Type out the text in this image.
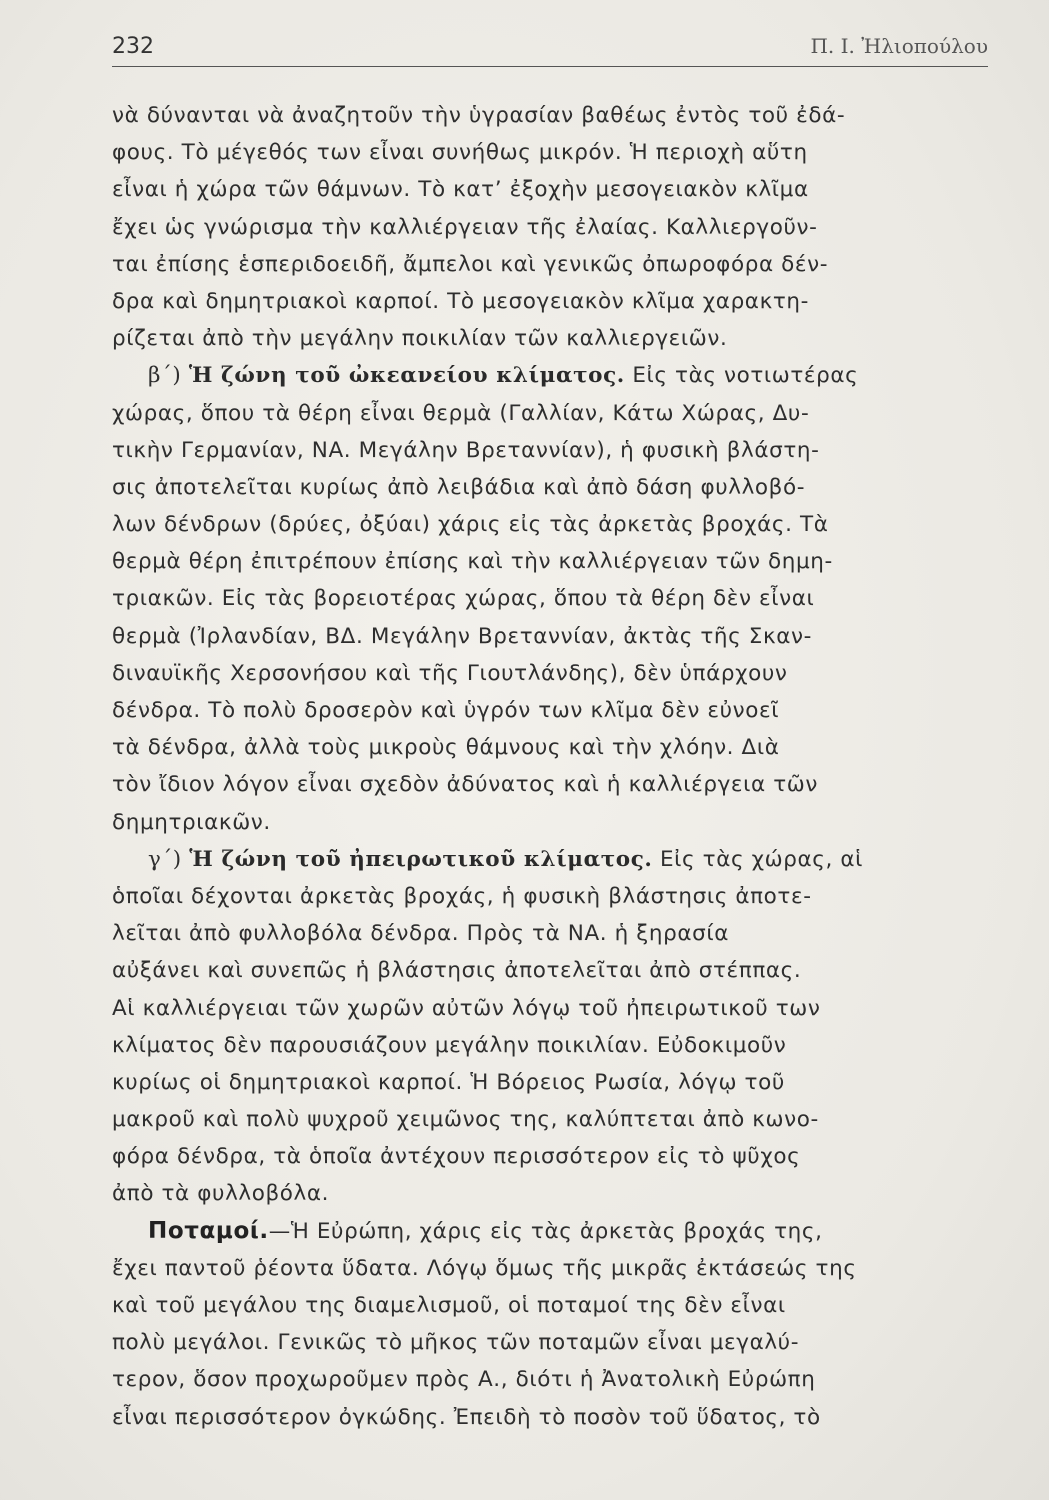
232	Π. Ι. Ἠλιοπούλου
νὰ δύνανται νὰ ἀναζητοῦν τὴν ὑγρασίαν βαθέως ἐντὸς τοῦ ἐδά-
φους. Τὸ μέγεθός των εἶναι συνήθως μικρόν. Ἡ περιοχὴ αὕτη
εἶναι ἡ χώρα τῶν θάμνων. Τὸ κατ’ ἐξοχὴν μεσογειακὸν κλῖμα
ἔχει ὡς γνώρισμα τὴν καλλιέργειαν τῆς ἐλαίας. Καλλιεργοῦν-
ται ἐπίσης ἑσπεριδοειδῆ, ἄμπελοι καὶ γενικῶς ὀπωροφόρα δέν-
δρα καὶ δημητριακοὶ καρποί. Τὸ μεσογειακὸν κλῖμα χαρακτη-
ρίζεται ἀπὸ τὴν μεγάλην ποικιλίαν τῶν καλλιεργειῶν.
β΄) Ἡ ζώνη τοῦ ὠκεανείου κλίματος. Εἰς τὰς νοτιωτέρας
χώρας, ὅπου τὰ θέρη εἶναι θερμὰ (Γαλλίαν, Κάτω Χώρας, Δυ-
τικὴν Γερμανίαν, ΝΑ. Μεγάλην Βρεταννίαν), ἡ φυσικὴ βλάστη-
σις ἀποτελεῖται κυρίως ἀπὸ λειβάδια καὶ ἀπὸ δάση φυλλοβό-
λων δένδρων (δρύες, ὀξύαι) χάρις εἰς τὰς ἀρκετὰς βροχάς. Τὰ
θερμὰ θέρη ἐπιτρέπουν ἐπίσης καὶ τὴν καλλιέργειαν τῶν δημη-
τριακῶν. Εἰς τὰς βορειοτέρας χώρας, ὅπου τὰ θέρη δὲν εἶναι
θερμὰ (Ἰρλανδίαν, ΒΔ. Μεγάλην Βρεταννίαν, ἀκτὰς τῆς Σκαν-
διναυϊκῆς Χερσονήσου καὶ τῆς Γιουτλάνδης), δὲν ὑπάρχουν
δένδρα. Τὸ πολὺ δροσερὸν καὶ ὑγρόν των κλῖμα δὲν εὐνοεῖ
τὰ δένδρα, ἀλλὰ τοὺς μικροὺς θάμνους καὶ τὴν χλόην. Διὰ
τὸν ἴδιον λόγον εἶναι σχεδὸν ἀδύνατος καὶ ἡ καλλιέργεια τῶν
δημητριακῶν.
γ΄) Ἡ ζώνη τοῦ ἠπειρωτικοῦ κλίματος. Εἰς τὰς χώρας, αἱ
ὁποῖαι δέχονται ἀρκετὰς βροχάς, ἡ φυσικὴ βλάστησις ἀποτε-
λεῖται ἀπὸ φυλλοβόλα δένδρα. Πρὸς τὰ ΝΑ. ἡ ξηρασία
αὐξάνει καὶ συνεπῶς ἡ βλάστησις ἀποτελεῖται ἀπὸ στέππας.
Αἱ καλλιέργειαι τῶν χωρῶν αὐτῶν λόγῳ τοῦ ἠπειρωτικοῦ των
κλίματος δὲν παρουσιάζουν μεγάλην ποικιλίαν. Εὐδοκιμοῦν
κυρίως οἱ δημητριακοὶ καρποί. Ἡ Βόρειος Ρωσία, λόγῳ τοῦ
μακροῦ καὶ πολὺ ψυχροῦ χειμῶνος της, καλύπτεται ἀπὸ κωνο-
φόρα δένδρα, τὰ ὁποῖα ἀντέχουν περισσότερον εἰς τὸ ψῦχος
ἀπὸ τὰ φυλλοβόλα.
Ποταμοί.—Ἡ Εὐρώπη, χάρις εἰς τὰς ἀρκετὰς βροχάς της,
ἔχει παντοῦ ῥέοντα ὕδατα. Λόγῳ ὅμως τῆς μικρᾶς ἐκτάσεώς της
καὶ τοῦ μεγάλου της διαμελισμοῦ, οἱ ποταμοί της δὲν εἶναι
πολὺ μεγάλοι. Γενικῶς τὸ μῆκος τῶν ποταμῶν εἶναι μεγαλύ-
τερον, ὅσον προχωροῦμεν πρὸς Α., διότι ἡ Ἀνατολικὴ Εὐρώπη
εἶναι περισσότερον ὀγκώδης. Ἐπειδὴ τὸ ποσὸν τοῦ ὕδατος, τὸ
